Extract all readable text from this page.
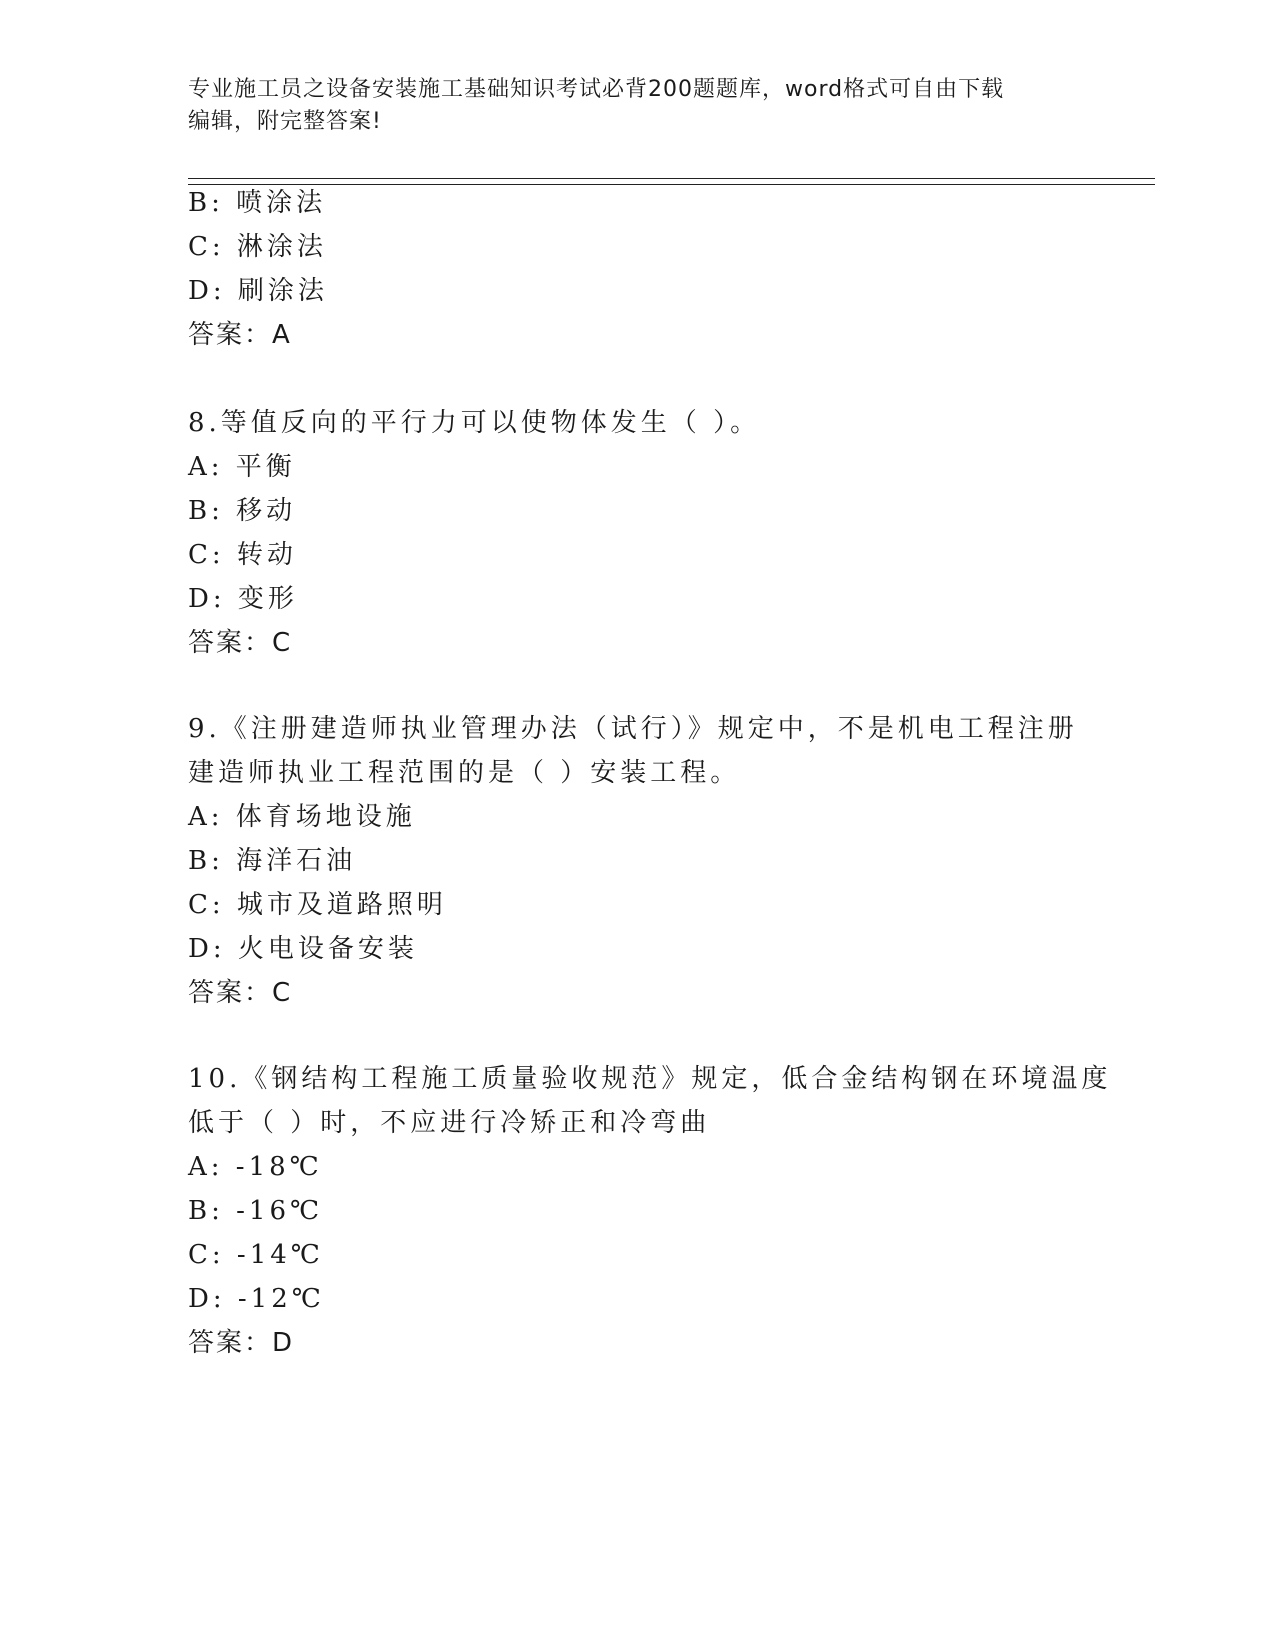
专业施工员之设备安装施工基础知识考试必背200题题库，word格式可自由下载
编辑，附完整答案!
B: 喷涂法
C: 淋涂法
D: 刷涂法
答案：A
8.等值反向的平行力可以使物体发生（ ）。
A: 平衡
B: 移动
C: 转动
D: 变形
答案：C
9.《注册建造师执业管理办法（试行）》规定中，不是机电工程注册
建造师执业工程范围的是（ ）安装工程。
A: 体育场地设施
B: 海洋石油
C: 城市及道路照明
D: 火电设备安装
答案：C
10.《钢结构工程施工质量验收规范》规定，低合金结构钢在环境温度
低于（ ）时，不应进行冷矫正和冷弯曲
A: -18℃
B: -16℃
C: -14℃
D: -12℃
答案：D
